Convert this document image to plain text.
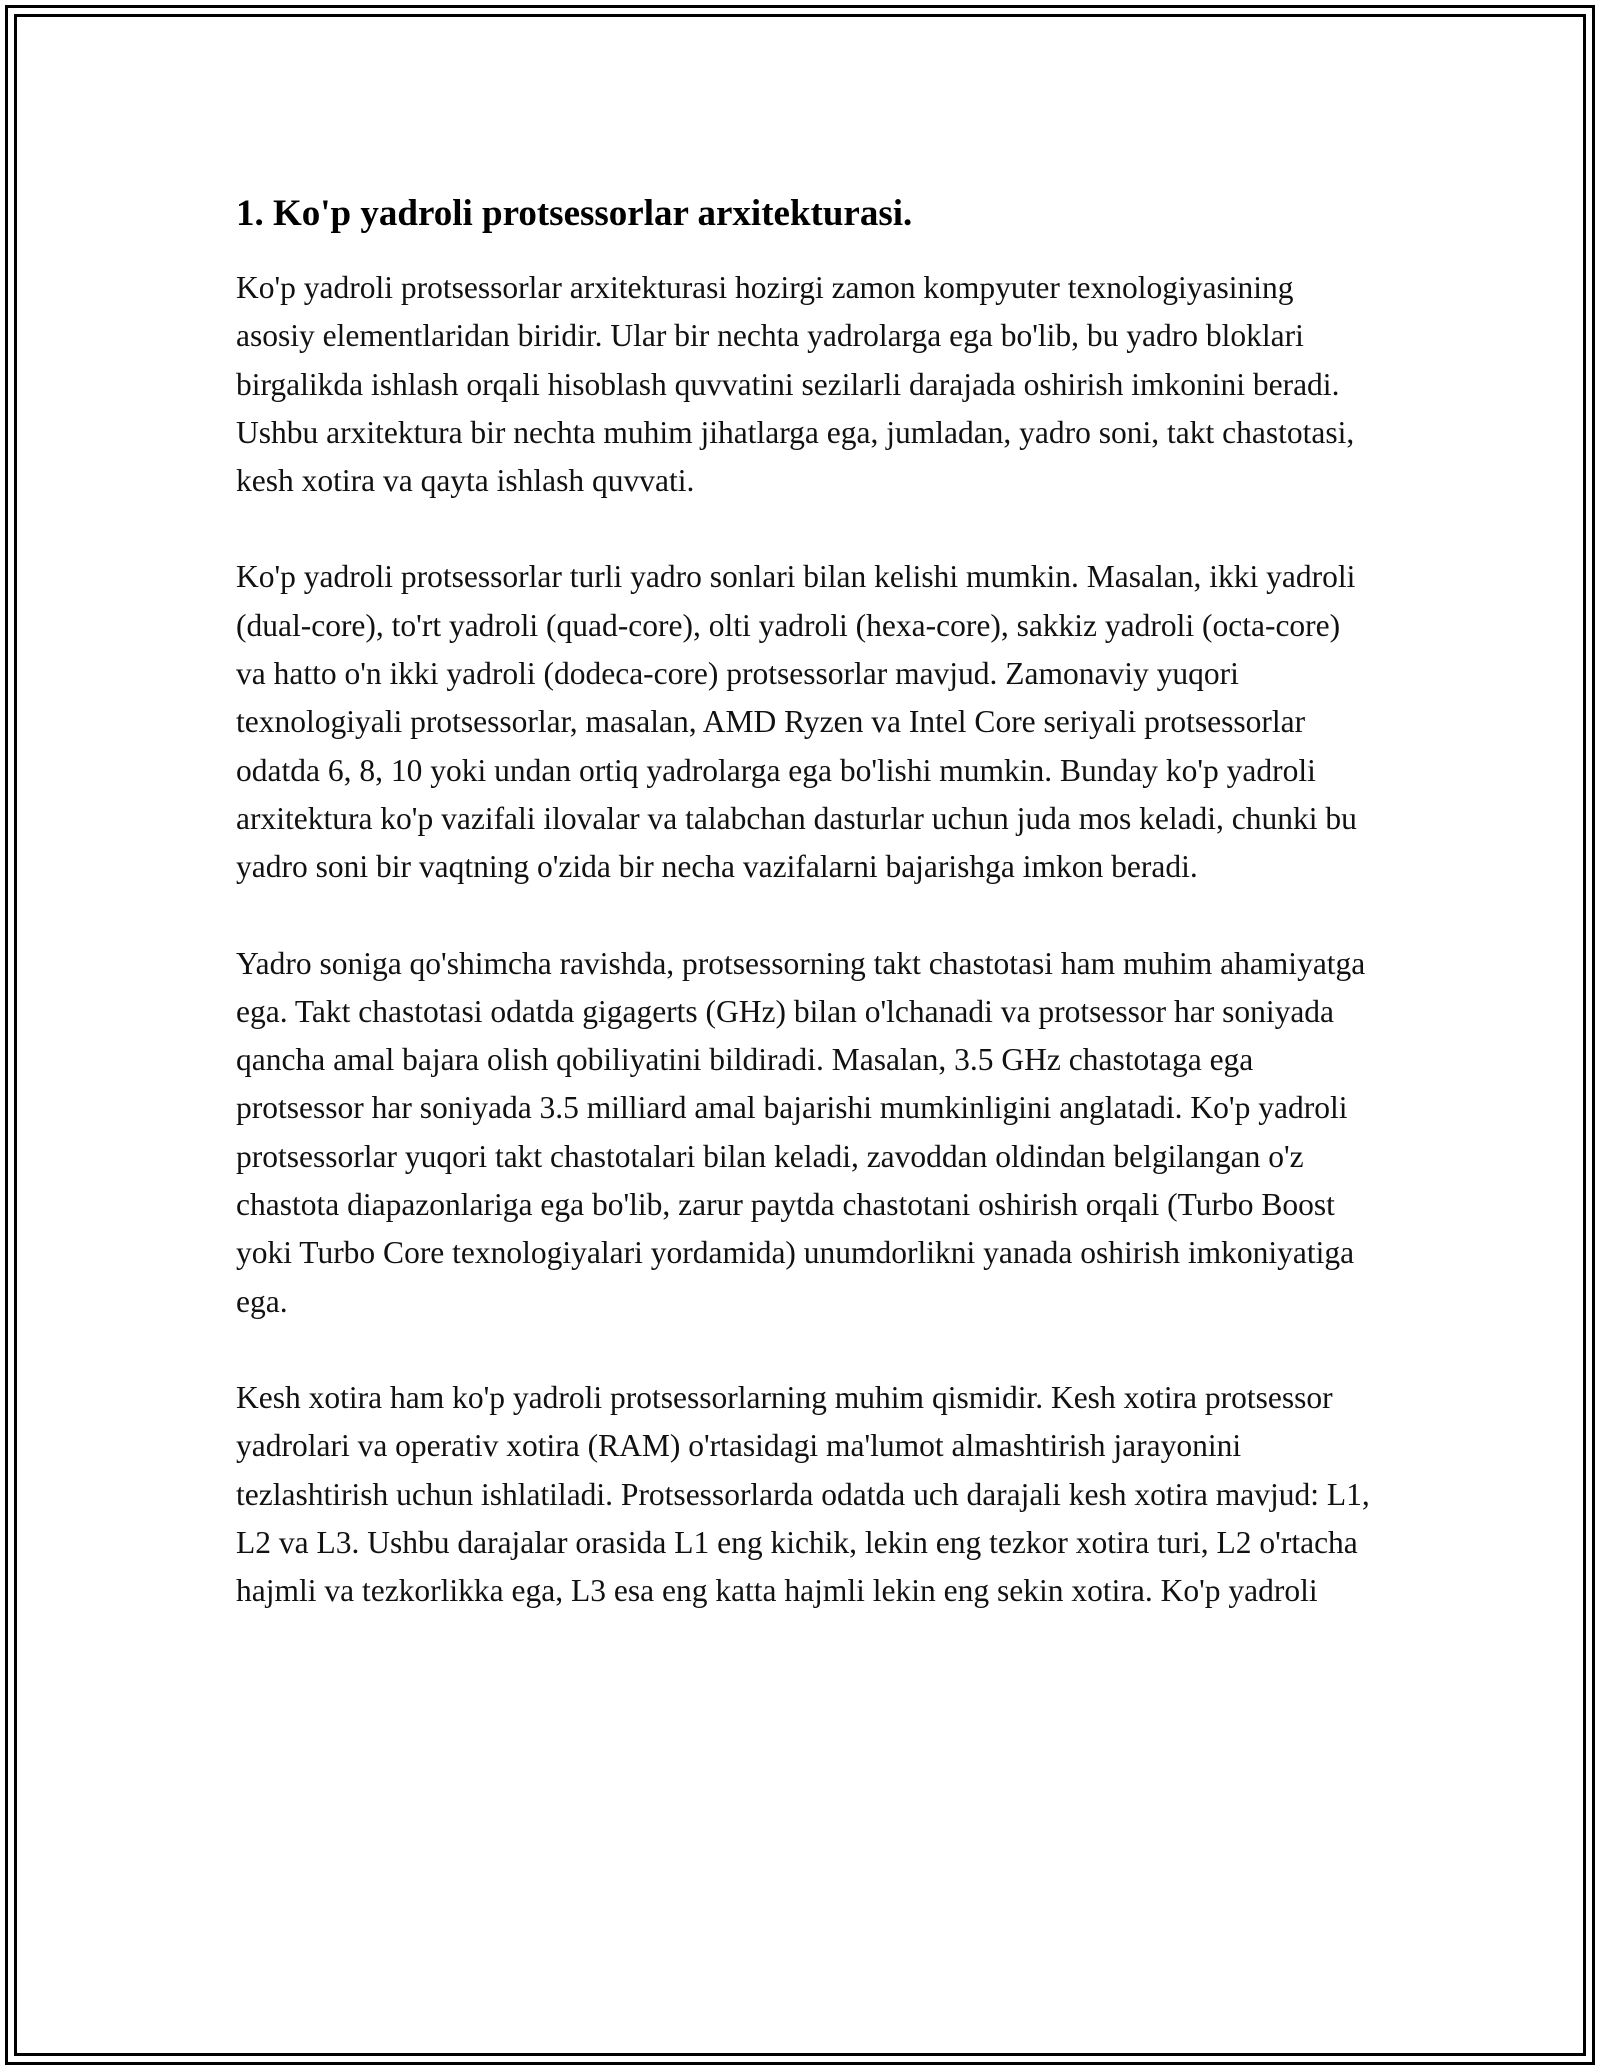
1. Ko'p yadroli protsessorlar arxitekturasi.

Ko'p yadroli protsessorlar arxitekturasi hozirgi zamon kompyuter texnologiyasining asosiy elementlaridan biridir. Ular bir nechta yadrolarga ega bo'lib, bu yadro bloklari birgalikda ishlash orqali hisoblash quvvatini sezilarli darajada oshirish imkonini beradi. Ushbu arxitektura bir nechta muhim jihatlarga ega, jumladan, yadro soni, takt chastotasi, kesh xotira va qayta ishlash quvvati.

Ko'p yadroli protsessorlar turli yadro sonlari bilan kelishi mumkin. Masalan, ikki yadroli (dual-core), to'rt yadroli (quad-core), olti yadroli (hexa-core), sakkiz yadroli (octa-core) va hatto o'n ikki yadroli (dodeca-core) protsessorlar mavjud. Zamonaviy yuqori texnologiyali protsessorlar, masalan, AMD Ryzen va Intel Core seriyali protsessorlar odatda 6, 8, 10 yoki undan ortiq yadrolarga ega bo'lishi mumkin. Bunday ko'p yadroli arxitektura ko'p vazifali ilovalar va talabchan dasturlar uchun juda mos keladi, chunki bu yadro soni bir vaqtning o'zida bir necha vazifalarni bajarishga imkon beradi.

Yadro soniga qo'shimcha ravishda, protsessorning takt chastotasi ham muhim ahamiyatga ega. Takt chastotasi odatda gigagerts (GHz) bilan o'lchanadi va protsessor har soniyada qancha amal bajara olish qobiliyatini bildiradi. Masalan, 3.5 GHz chastotaga ega protsessor har soniyada 3.5 milliard amal bajarishi mumkinligini anglatadi. Ko'p yadroli protsessorlar yuqori takt chastotalari bilan keladi, zavoddan oldindan belgilangan o'z chastota diapazonlariga ega bo'lib, zarur paytda chastotani oshirish orqali (Turbo Boost yoki Turbo Core texnologiyalari yordamida) unumdorlikni yanada oshirish imkoniyatiga ega.

Kesh xotira ham ko'p yadroli protsessorlarning muhim qismidir. Kesh xotira protsessor yadrolari va operativ xotira (RAM) o'rtasidagi ma'lumot almashtirish jarayonini tezlashtirish uchun ishlatiladi. Protsessorlarda odatda uch darajali kesh xotira mavjud: L1, L2 va L3. Ushbu darajalar orasida L1 eng kichik, lekin eng tezkor xotira turi, L2 o'rtacha hajmli va tezkorlikka ega, L3 esa eng katta hajmli lekin eng sekin xotira. Ko'p yadroli
